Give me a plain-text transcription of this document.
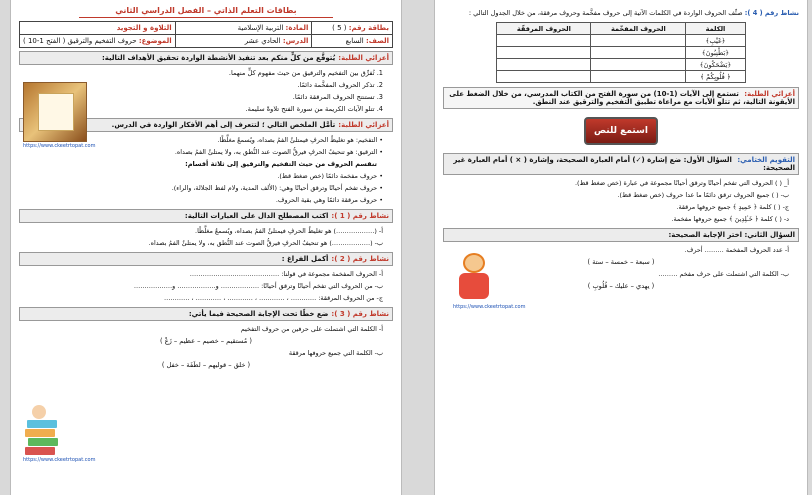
بطاقات التعلم الذاتي – الفصل الدراسي الثاني
بطاقة رقم: ( 5 )	المادة: التربية الإسلامية	التلاوة و التجويد
الصف: السابع	الدرس: الحادي عشر	الموضوع: حروف التفخيم والترقيق ( الفتح 1-10 )
أعزائي الطلبة:يُتوقَّع من كلٍّ منكم بعد تنفيذ الأنشطة الواردة تحقيق الأهداف التالية:
1. تُفرِّق بين التفخيم والترقيق من حيث مفهوم كلٍّ منهما.
2. تذكر الحروف المفخَّمة دائمًا.
3. تستنتج الحروف المرققة دائمًا.
4. تتلو الآيات الكريمة من سورة الفتح تلاوةً سليمة.
https://www.ckeetrtopat.com
أعزائي الطلبة:تأمَّل الملخص التالي ؛ لتتعرف إلى أهم الأفكار الواردة في الدرس.
• التفخيم: هو تغليظُ الحرفِ فيمتلئُ الفمُ بصداه، ويُسمعُ مغلَّظًا.
• الترقيق: هو تنحيفُ الحرفِ فيرقُّ الصوت عند النُّطق به، ولا يمتلئُ الفمُ بصداه.
تنقسم الحروف من حيث التفخيم والترقيق إلى ثلاثة أقسام:
• حروف مفخمة دائمًا (خص ضغط قظ).
• حروف تفخم أحيانًا وترقق أحيانًا وهي: (الألف المدية، ولام لفظ الجلالة، والراء).
• حروف مرققة دائمًا وهي بقية الحروف.
نشاط رقم ( 1 ):اكتب المصطلح الدال على العبارات التالية:
أ- (………………) هو تغليظُ الحرفِ فيمتلئُ الفمُ بصداه، ويُسمعُ مغلَّظًا.
ب- (………………) هو تنحيفُ الحرفِ فيرقُّ الصوت عند النُّطق به، ولا يمتلئُ الفمُ بصداه.
نشاط رقم ( 2 ):أكمل الفراغ :
أ- الحروف المفخمة مجموعة في قولنا: ……………………………………
ب- من الحروف التي تفخم أحيانًا وترقق أحيانًا: ……………… و……………… و………………
ج- من الحروف المرققة: ………… ، ………… ، ………… ، ………… ، …………
نشاط رقم ( 3 ):ضع خطًا تحت الإجابة الصحيحة فيما يأتي:
أ- الكلمة التي اشتملت على حرفين من حروف التفخيم
( مُستقيم – خصيم – عظيم – زَعْ )
ب- الكلمة التي جميع حروفها مرققة
( خلق – قوليهم – لطَفَة – خفل )
https://www.ckeetrtopat.com
نشاط رقم ( 4 ): صنِّف الحروف الواردة في الكلمات الآتية إلى حروف مفخَّمة وحروف مرققة، من خلال الجدول التالي :
الكلمة	الحروف المفخّمة	الحروف المرققّة
﴿غَيْبِ﴾		
﴿بَطْنِبُونَ﴾		
﴿يَضْحَكُونَ﴾		
﴿ قُلُوبِكُمْ ﴾		
أعزائي الطلبة: تستمع إلى الآيات (1-10) من سورة الفتح من الكتاب المدرسي، من خلال الضغط على الأيقونة التالية، ثم تتلو الآيات مع مراعاة تطبيق التفخيم والترقيق عند النطق.
استمع للنص
التقويم الختامي: السؤال الأول: ضع إشارة (✓) أمام العبارة الصحيحة، وإشارة ( × ) أمام العبارة غير الصحيحة:
أ_ ( ) الحروف التي تفخم أحيانًا وترقق أحيانًا مجموعة في عبارة (خص ضغط قظ).
ب- ( ) جميع الحروف ترقق دائمًا ما عدا حروف (خص ضغط قظ).
ج- ( ) كلمة ﴿ حَمِيدٍ ﴾ جميع حروفها مرققة.
د- ( ) كلمة ﴿ خَـٰلِدِينَ ﴾ جميع حروفها مفخمة.
https://www.ckeetrtopat.com
السؤال الثاني: اختر الإجابة الصحيحة:
أ- عدد الحروف المفخمة ……… أحرف.
( سبعة – خمسة – ستة )
ب- الكلمة التي اشتملت على حرف مفخم ………
( يهدي – عليك – قُلُوبِ )
